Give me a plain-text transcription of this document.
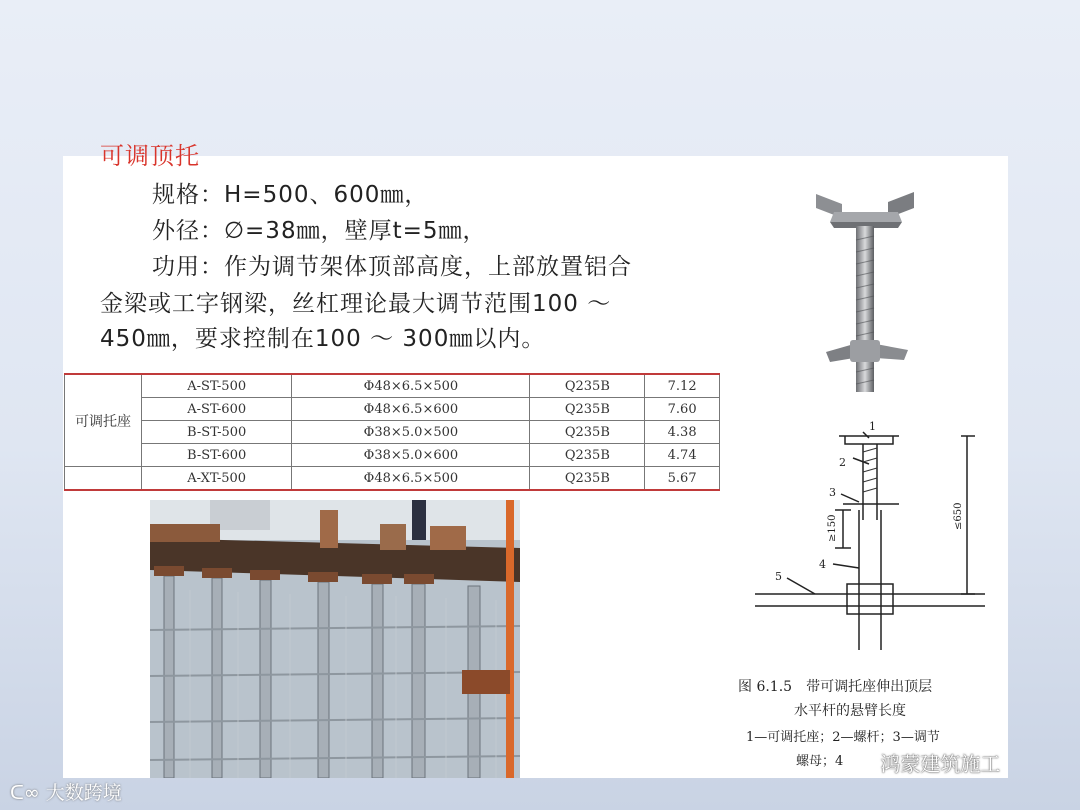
可调顶托
规格：H=500、600㎜，
外径：∅=38㎜，壁厚t=5㎜，
功用：作为调节架体顶部高度，上部放置铝合
金梁或工字钢梁，丝杠理论最大调节范围100 ～
450㎜，要求控制在100 ～ 300㎜以内。
可调托座	A-ST-500	Φ48×6.5×500	Q235B	7.12
	A-ST-600	Φ48×6.5×600	Q235B	7.60
	B-ST-500	Φ38×5.0×500	Q235B	4.38
	B-ST-600	Φ38×5.0×600	Q235B	4.74
	A-XT-500	Φ48×6.5×500	Q235B	5.67
1
2
3
4
5
≥150	≤650
图 6.1.5　带可调托座伸出顶层
水平杆的悬臂长度
1—可调托座；2—螺杆；3—调节
螺母；4
ᑕ∞ 大数跨境
鸿蒙建筑施工
